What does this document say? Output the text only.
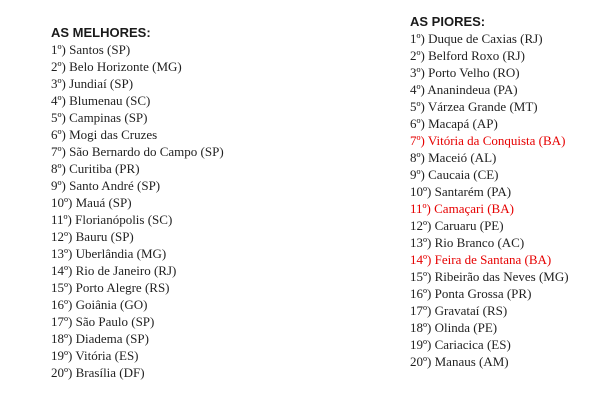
AS MELHORES:
1º) Santos (SP)
2º) Belo Horizonte (MG)
3º) Jundiaí (SP)
4º) Blumenau (SC)
5º) Campinas (SP)
6º) Mogi das Cruzes
7º) São Bernardo do Campo (SP)
8º) Curitiba (PR)
9º) Santo André (SP)
10º) Mauá (SP)
11º) Florianópolis (SC)
12º) Bauru (SP)
13º) Uberlândia (MG)
14º) Rio de Janeiro (RJ)
15º) Porto Alegre (RS)
16º) Goiânia (GO)
17º) São Paulo (SP)
18º) Diadema (SP)
19º) Vitória (ES)
20º) Brasília (DF)
AS PIORES:
1º) Duque de Caxias (RJ)
2º) Belford Roxo (RJ)
3º) Porto Velho (RO)
4º) Ananindeua (PA)
5º) Várzea Grande (MT)
6º) Macapá (AP)
7º) Vitória da Conquista (BA)
8º) Maceió (AL)
9º) Caucaia (CE)
10º) Santarém (PA)
11º) Camaçari (BA)
12º) Caruaru (PE)
13º) Rio Branco (AC)
14º) Feira de Santana (BA)
15º) Ribeirão das Neves (MG)
16º) Ponta Grossa (PR)
17º) Gravataí (RS)
18º) Olinda (PE)
19º) Cariacica (ES)
20º) Manaus (AM)
